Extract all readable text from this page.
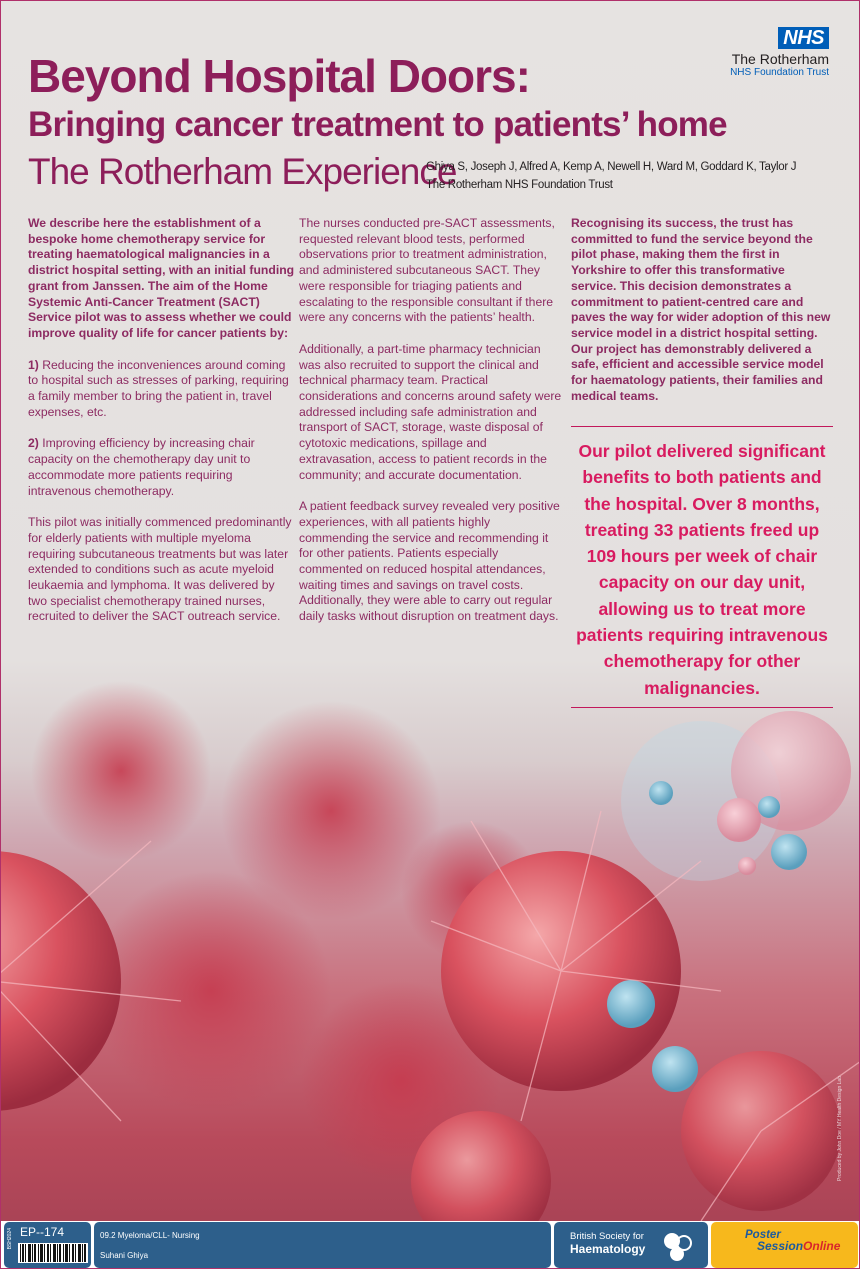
NHS
The Rotherham
NHS Foundation Trust
Beyond Hospital Doors:
Bringing cancer treatment to patients’ home
The Rotherham Experience
Ghiya S, Joseph J, Alfred A, Kemp A, Newell H, Ward M, Goddard K, Taylor J
The Rotherham NHS Foundation Trust

We describe here the establishment of a bespoke home chemotherapy service for treating haematological malignancies in a district hospital setting, with an initial funding grant from Janssen. The aim of the Home Systemic Anti-Cancer Treatment (SACT) Service pilot was to assess whether we could improve quality of life for cancer patients by:

1) Reducing the inconveniences around coming to hospital such as stresses of parking, requiring a family member to bring the patient in, travel expenses, etc.

2) Improving efficiency by increasing chair capacity on the chemotherapy day unit to accommodate more patients requiring intravenous chemotherapy.

This pilot was initially commenced predominantly for elderly patients with multiple myeloma requiring subcutaneous treatments but was later extended to conditions such as acute myeloid leukaemia and lymphoma. It was delivered by two specialist chemotherapy trained nurses, recruited to deliver the SACT outreach service.

The nurses conducted pre-SACT assessments, requested relevant blood tests, performed observations prior to treatment administration, and administered subcutaneous SACT. They were responsible for triaging patients and escalating to the responsible consultant if there were any concerns with the patients’ health.

Additionally, a part-time pharmacy technician was also recruited to support the clinical and technical pharmacy team. Practical considerations and concerns around safety were addressed including safe administration and transport of SACT, storage, waste disposal of cytotoxic medications, spillage and extravasation, access to patient records in the community; and accurate documentation.

A patient feedback survey revealed very positive experiences, with all patients highly commending the service and recommending it for other patients. Patients especially commented on reduced hospital attendances, waiting times and savings on travel costs. Additionally, they were able to carry out regular daily tasks without disruption on treatment days.

Recognising its success, the trust has committed to fund the service beyond the pilot phase, making them the first in Yorkshire to offer this transformative service. This decision demonstrates a commitment to patient-centred care and paves the way for wider adoption of this new service model in a district hospital setting. Our project has demonstrably delivered a safe, efficient and accessible service model for haematology patients, their families and medical teams.

Our pilot delivered significant benefits to both patients and the hospital. Over 8 months, treating 33 patients freed up 109 hours per week of chair capacity on our day unit, allowing us to treat more patients requiring intravenous chemotherapy for other malignancies.
Produced by John Doe / MY Health Design Lab
BSH2024 EP--174	09.2 Myeloma/CLL- Nursing
Suhani Ghiya
British Society for
Haematology
Poster
SessionOnline
